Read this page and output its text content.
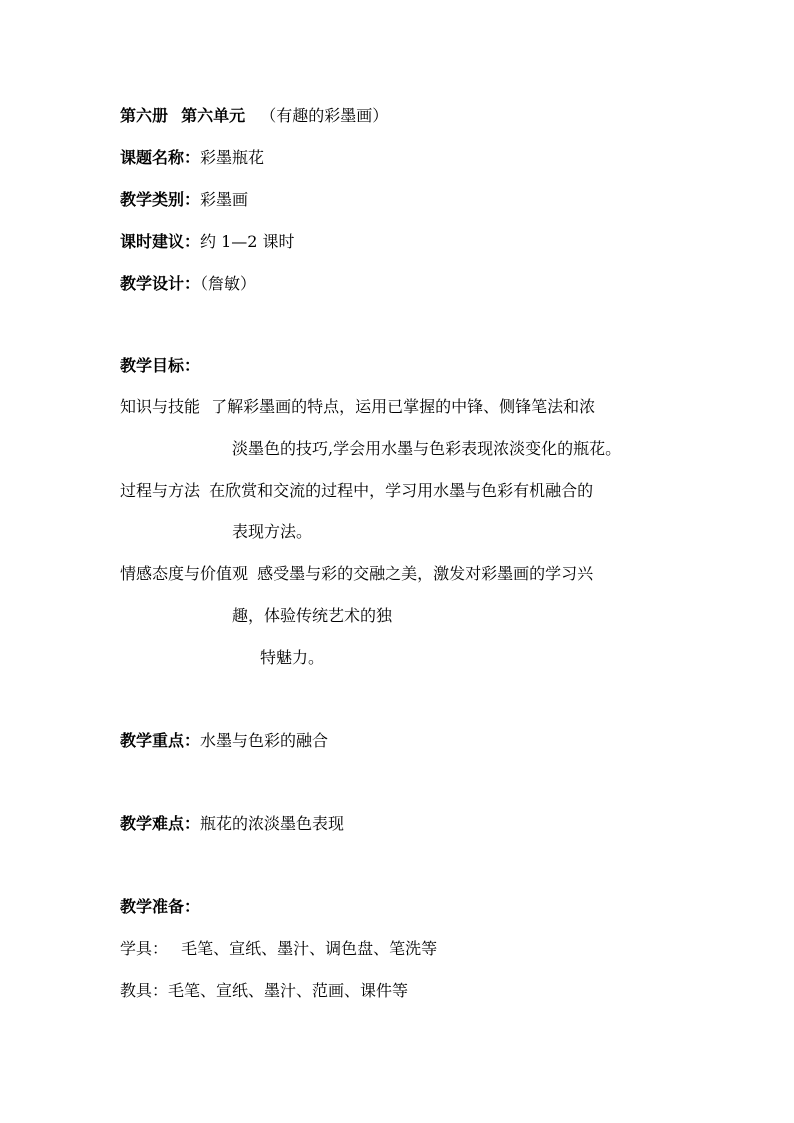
第六册 第六单元 （有趣的彩墨画）
课题名称：彩墨瓶花
教学类别：彩墨画
课时建议：约 1—2 课时
教学设计：（詹敏）
教学目标：
知识与技能 了解彩墨画的特点，运用已掌握的中锋、侧锋笔法和浓
淡墨色的技巧,学会用水墨与色彩表现浓淡变化的瓶花。
过程与方法 在欣赏和交流的过程中，学习用水墨与色彩有机融合的
表现方法。
情感态度与价值观 感受墨与彩的交融之美，激发对彩墨画的学习兴
趣，体验传统艺术的独
特魅力。
教学重点：水墨与色彩的融合
教学难点：瓶花的浓淡墨色表现
教学准备：
学具： 毛笔、宣纸、墨汁、调色盘、笔洗等
教具：毛笔、宣纸、墨汁、范画、课件等
